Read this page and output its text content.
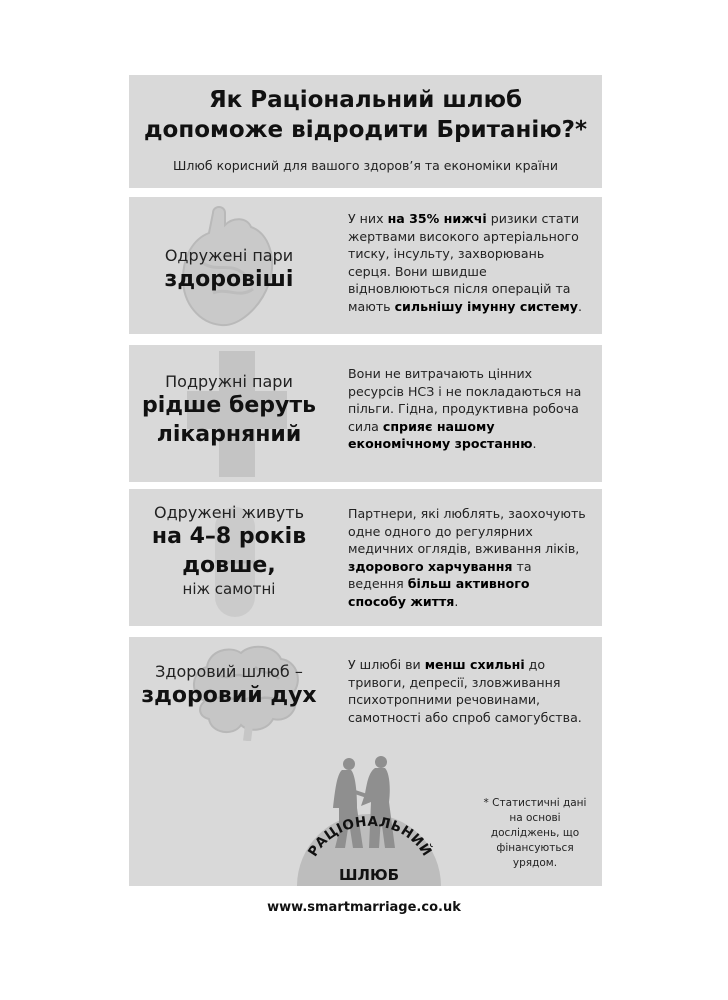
Як Раціональний шлюб
допоможе відродити Британію?*
Шлюб корисний для вашого здоров’я та економіки країни
Одружені пари
здоровіші
У них на 35% нижчі ризики стати жертвами високого артеріального тиску, інсульту, захворювань серця. Вони швидше відновлюються після операцій та мають сильнішу імунну систему.
Подружні пари
рідше беруть
лікарняний
Вони не витрачають цінних ресурсів НСЗ і не покладаються на пільги. Гідна, продуктивна робоча сила сприяє нашому економічному зростанню.
Одружені живуть
на 4–8 років
довше,
ніж самотні
Партнери, які люблять, заохочують одне одного до регулярних медичних оглядів, вживання ліків, здорового харчування та ведення більш активного способу життя.
Здоровий шлюб –
здоровий дух
У шлюбі ви менш схильні до тривоги, депресії, зловживання психотропними речовинами, самотності або спроб самогубства.
РАЦІОНАЛЬНИЙ
ШЛЮБ
* Статистичні дані на основі досліджень, що фінансуються урядом.
www.smartmarriage.co.uk
